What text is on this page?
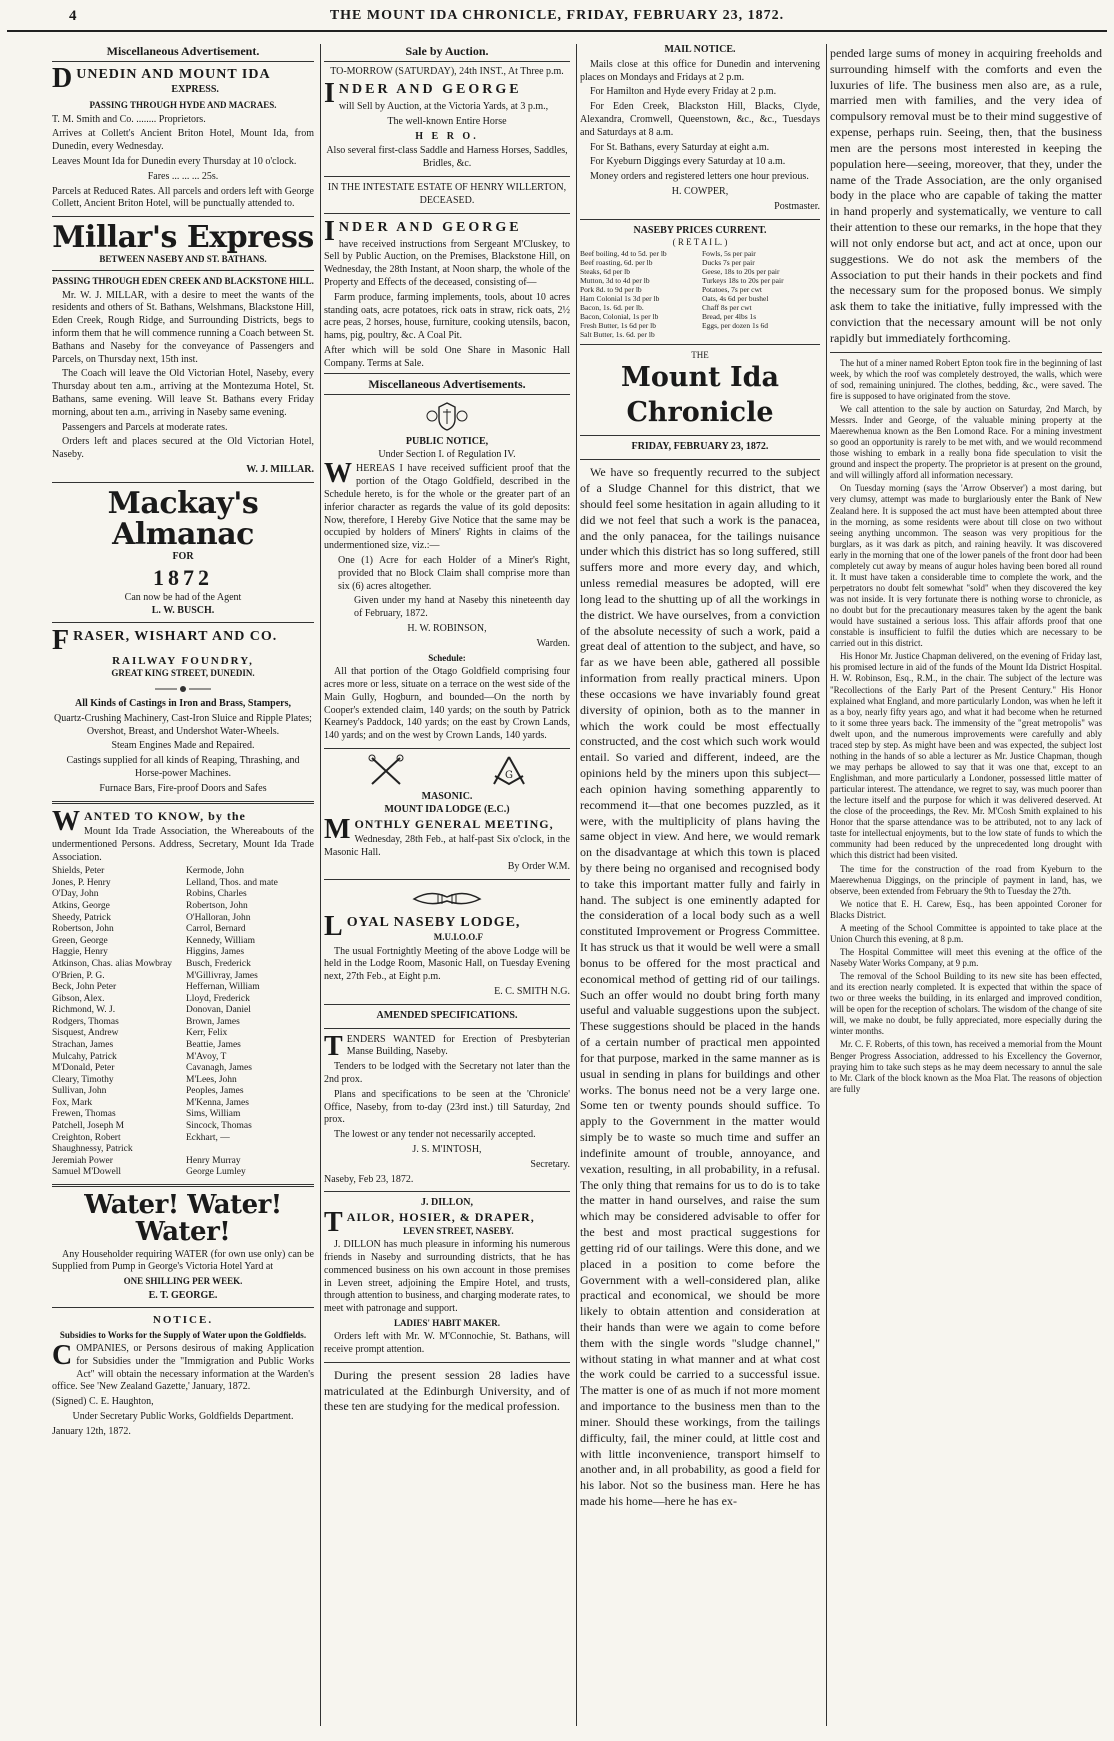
4	THE MOUNT IDA CHRONICLE, FRIDAY, FEBRUARY 23, 1872.
Miscellaneous Advertisement.
D UNEDIN AND MOUNT IDA
EXPRESS.
PASSING THROUGH HYDE AND MACRAES.

T. M. Smith and Co. ........ Proprietors.

Arrives at Collett's Ancient Briton Hotel, Mount Ida, from Dunedin, every Wednesday.

Leaves Mount Ida for Dunedin every Thursday at 10 o'clock.

Fares ... ... ... 25s.

Parcels at Reduced Rates. All parcels and orders left with George Collett, Ancient Briton Hotel, will be punctually attended to.

Millar's Express
BETWEEN NASEBY AND ST. BATHANS.
PASSING THROUGH EDEN CREEK AND BLACKSTONE HILL.

Mr. W. J. MILLAR, with a desire to meet the wants of the residents and others of St. Bathans, Welshmans, Blackstone Hill, Eden Creek, Rough Ridge, and Surrounding Districts, begs to inform them that he will commence running a Coach between St. Bathans and Naseby for the conveyance of Passengers and Parcels, on Thursday next, 15th inst.

The Coach will leave the Old Victorian Hotel, Naseby, every Thursday about ten a.m., arriving at the Montezuma Hotel, St. Bathans, same evening. Will leave St. Bathans every Friday morning, about ten a.m., arriving in Naseby same evening.

Passengers and Parcels at moderate rates.

Orders left and places secured at the Old Victorian Hotel, Naseby.

W. J. MILLAR.

Mackay's Almanac
FOR
1872
Can now be had of the Agent
L. W. BUSCH.
F RASER, WISHART AND CO.
RAILWAY FOUNDRY,
GREAT KING STREET, DUNEDIN.

All Kinds of Castings in Iron and Brass, Stampers,

Quartz-Crushing Machinery, Cast-Iron Sluice and Ripple Plates; Overshot, Breast, and Undershot Water-Wheels.

Steam Engines Made and Repaired.

Castings supplied for all kinds of Reaping, Thrashing, and Horse-power Machines.

Furnace Bars, Fire-proof Doors and Safes

W ANTED TO KNOW, by the

Mount Ida Trade Association, the Whereabouts of the undermentioned Persons. Address, Secretary, Mount Ida Trade Association.

Shields, Peter
Jones, P. Henry
O'Day, John
Atkins, George
Sheedy, Patrick
Robertson, John
Green, George
Haggie, Henry
Atkinson, Chas. alias Mowbray
O'Brien, P. G.
Beck, John Peter
Gibson, Alex.
Richmond, W. J.
Rodgers, Thomas
Sisquest, Andrew
Strachan, James
Mulcahy, Patrick
M'Donald, Peter
Cleary, Timothy
Sullivan, John
Fox, Mark
Frewen, Thomas
Patchell, Joseph M
Creighton, Robert
Shaughnessy, Patrick
Jeremiah Power
Samuel M'Dowell
Kermode, John
Lelland, Thos. and mate
Robins, Charles
Robertson, John
O'Halloran, John
Carrol, Bernard
Kennedy, William
Higgins, James
Busch, Frederick
M'Gillivray, James
Heffernan, William
Lloyd, Frederick
Donovan, Daniel
Brown, James
Kerr, Felix
Beattie, James
M'Avoy, T
Cavanagh, James
M'Lees, John
Peoples, James
M'Kenna, James
Sims, William
Sincock, Thomas
Eckhart, —

Henry Murray
George Lumley
Water! Water! Water!

Any Householder requiring WATER (for own use only) can be Supplied from Pump in George's Victoria Hotel Yard at

ONE SHILLING PER WEEK.

E. T. GEORGE.

NOTICE.

Subsidies to Works for the Supply of Water upon the Goldfields.

C OMPANIES, or Persons desirous of making Application for Subsidies under the "Immigration and Public Works Act" will obtain the necessary information at the Warden's office. See 'New Zealand Gazette,' January, 1872.

(Signed) C. E. Haughton,

Under Secretary Public Works, Goldfields Department.

January 12th, 1872.

Sale by Auction.

TO-MORROW (SATURDAY), 24th INST., At Three p.m.

I NDER AND GEORGE

will Sell by Auction, at the Victoria Yards, at 3 p.m.,

The well-known Entire Horse

H E R O.

Also several first-class Saddle and Harness Horses, Saddles, Bridles, &c.

IN THE INTESTATE ESTATE OF HENRY WILLERTON, DECEASED.

I NDER AND GEORGE

have received instructions from Sergeant M'Cluskey, to Sell by Public Auction, on the Premises, Blackstone Hill, on Wednesday, the 28th Instant, at Noon sharp, the whole of the Property and Effects of the deceased, consisting of—

Farm produce, farming implements, tools, about 10 acres standing oats, acre potatoes, rick oats in straw, rick oats, 2½ acre peas, 2 horses, house, furniture, cooking utensils, bacon, hams, pig, poultry, &c. A Coal Pit.

After which will be sold One Share in Masonic Hall Company. Terms at Sale.

Miscellaneous Advertisements.
PUBLIC NOTICE,
Under Section I. of Regulation IV.
W HEREAS I have received sufficient proof that the portion of the Otago Goldfield, described in the Schedule hereto, is for the whole or the greater part of an inferior character as regards the value of its gold deposits: Now, therefore, I Hereby Give Notice that the same may be occupied by holders of Miners' Rights in claims of the undermentioned size, viz.:—

One (1) Acre for each Holder of a Miner's Right, provided that no Block Claim shall comprise more than six (6) acres altogether.

Given under my hand at Naseby this nineteenth day of February, 1872.

H. W. ROBINSON,

Warden.

Schedule:

All that portion of the Otago Goldfield comprising four acres more or less, situate on a terrace on the west side of the Main Gully, Hogburn, and bounded—On the north by Cooper's extended claim, 140 yards; on the south by Patrick Kearney's Paddock, 140 yards; on the east by Crown Lands, 140 yards; and on the west by Crown Lands, 140 yards.

G
MASONIC.
MOUNT IDA LODGE (E.C.)
M ONTHLY GENERAL MEETING,

Wednesday, 28th Feb., at half-past Six o'clock, in the Masonic Hall.

By Order W.M.

L OYAL NASEBY LODGE,
M.U.I.O.O.F

The usual Fortnightly Meeting of the above Lodge will be held in the Lodge Room, Masonic Hall, on Tuesday Evening next, 27th Feb., at Eight p.m.

E. C. SMITH N.G.

AMENDED SPECIFICATIONS.
T ENDERS WANTED for Erection of Presbyterian Manse Building, Naseby.

Tenders to be lodged with the Secretary not later than the 2nd prox.

Plans and specifications to be seen at the 'Chronicle' Office, Naseby, from to-day (23rd inst.) till Saturday, 2nd prox.

The lowest or any tender not necessarily accepted.

J. S. M'INTOSH,

Secretary.

Naseby, Feb 23, 1872.

J. DILLON,
T AILOR, HOSIER, & DRAPER,
LEVEN STREET, NASEBY.

J. DILLON has much pleasure in informing his numerous friends in Naseby and surrounding districts, that he has commenced business on his own account in those premises in Leven street, adjoining the Empire Hotel, and trusts, through attention to business, and charging moderate rates, to meet with patronage and support.

LADIES' HABIT MAKER.

Orders left with Mr. W. M'Connochie, St. Bathans, will receive prompt attention.

During the present session 28 ladies have matriculated at the Edinburgh University, and of these ten are studying for the medical profession.

MAIL NOTICE.

Mails close at this office for Dunedin and intervening places on Mondays and Fridays at 2 p.m.

For Hamilton and Hyde every Friday at 2 p.m.

For Eden Creek, Blackston Hill, Blacks, Clyde, Alexandra, Cromwell, Queenstown, &c., &c., Tuesdays and Saturdays at 8 a.m.

For St. Bathans, every Saturday at eight a.m.

For Kyeburn Diggings every Saturday at 10 a.m.

Money orders and registered letters one hour previous.

H. COWPER,

Postmaster.

NASEBY PRICES CURRENT.
( R E T A I L. )
Beef boiling, 4d to 5d. per lb
Beef roasting, 6d. per lb
Steaks, 6d per lb
Mutton, 3d to 4d per lb
Pork 8d. to 9d per lb
Ham Colonial 1s 3d per lb
Bacon, 1s. 6d. per lb.
Bacon, Colonial, 1s per lb
Fresh Butter, 1s 6d per lb
Salt Butter, 1s. 6d. per lb
Fowls, 5s per pair
Ducks 7s per pair
Geese, 18s to 20s per pair
Turkeys 18s to 20s per pair
Potatoes, 7s per cwt
Oats, 4s 6d per bushel
Chaff 8s per cwt
Bread, per 4lbs 1s
Eggs, per dozen 1s 6d
THE
Mount Ida Chronicle
FRIDAY, FEBRUARY 23, 1872.

We have so frequently recurred to the subject of a Sludge Channel for this district, that we should feel some hesitation in again alluding to it did we not feel that such a work is the panacea, and the only panacea, for the tailings nuisance under which this district has so long suffered, still suffers more and more every day, and which, unless remedial measures be adopted, will ere long lead to the shutting up of all the workings in the district. We have ourselves, from a conviction of the absolute necessity of such a work, paid a great deal of attention to the subject, and have, so far as we have been able, gathered all possible information from really practical miners. Upon these occasions we have invariably found great diversity of opinion, both as to the manner in which the work could be most effectually constructed, and the cost which such work would entail. So varied and different, indeed, are the opinions held by the miners upon this subject—each opinion having something apparently to recommend it—that one becomes puzzled, as it were, with the multiplicity of plans having the same object in view. And here, we would remark on the disadvantage at which this town is placed by there being no organised and recognised body to take this important matter fully and fairly in hand. The subject is one eminently adapted for the consideration of a local body such as a well constituted Improvement or Progress Committee. It has struck us that it would be well were a small bonus to be offered for the most practical and economical method of getting rid of our tailings. Such an offer would no doubt bring forth many useful and valuable suggestions upon the subject. These suggestions should be placed in the hands of a certain number of practical men appointed for that purpose, marked in the same manner as is usual in sending in plans for buildings and other works. The bonus need not be a very large one. Some ten or twenty pounds should suffice. To apply to the Government in the matter would simply be to waste so much time and suffer an indefinite amount of trouble, annoyance, and vexation, resulting, in all probability, in a refusal. The only thing that remains for us to do is to take the matter in hand ourselves, and raise the sum which may be considered advisable to offer for the best and most practical suggestions for getting rid of our tailings. Were this done, and we placed in a position to come before the Government with a well-considered plan, alike practical and economical, we should be more likely to obtain attention and consideration at their hands than were we again to come before them with the single words "sludge channel," without stating in what manner and at what cost the work could be carried to a successful issue. The matter is one of as much if not more moment and importance to the business men than to the miner. Should these workings, from the tailings difficulty, fail, the miner could, at little cost and with little inconvenience, transport himself to another and, in all probability, as good a field for his labor. Not so the business man. Here he has made his home—here he has ex-

pended large sums of money in acquiring freeholds and surrounding himself with the comforts and even the luxuries of life. The business men also are, as a rule, married men with families, and the very idea of compulsory removal must be to their mind suggestive of expense, perhaps ruin. Seeing, then, that the business men are the persons most interested in keeping the population here—seeing, moreover, that they, under the name of the Trade Association, are the only organised body in the place who are capable of taking the matter in hand properly and systematically, we venture to call their attention to these our remarks, in the hope that they will not only endorse but act, and act at once, upon our suggestions. We do not ask the members of the Association to put their hands in their pockets and find the necessary sum for the proposed bonus. We simply ask them to take the initiative, fully impressed with the conviction that the necessary amount will be not only rapidly but immediately forthcoming.

The hut of a miner named Robert Epton took fire in the beginning of last week, by which the roof was completely destroyed, the walls, which were of sod, remaining uninjured. The clothes, bedding, &c., were saved. The fire is supposed to have originated from the stove.

We call attention to the sale by auction on Saturday, 2nd March, by Messrs. Inder and George, of the valuable mining property at the Maerewhenua known as the Ben Lomond Race. For a mining investment so good an opportunity is rarely to be met with, and we would recommend those wishing to embark in a really bona fide speculation to visit the ground and inspect the property. The proprietor is at present on the ground, and will willingly afford all information necessary.

On Tuesday morning (says the 'Arrow Observer') a most daring, but very clumsy, attempt was made to burglariously enter the Bank of New Zealand here. It is supposed the act must have been attempted about three in the morning, as some residents were about till close on two without seeing anything uncommon. The season was very propitious for the burglars, as it was dark as pitch, and raining heavily. It was discovered early in the morning that one of the lower panels of the front door had been completely cut away by means of augur holes having been bored all round it. It must have taken a considerable time to complete the work, and the perpetrators no doubt felt somewhat "sold" when they discovered the key was not inside. It is very fortunate there is nothing worse to chronicle, as no doubt but for the precautionary measures taken by the agent the bank would have sustained a serious loss. This affair affords proof that one constable is insufficient to fulfil the duties which are necessary to be carried out in this district.

His Honor Mr. Justice Chapman delivered, on the evening of Friday last, his promised lecture in aid of the funds of the Mount Ida District Hospital. H. W. Robinson, Esq., R.M., in the chair. The subject of the lecture was "Recollections of the Early Part of the Present Century." His Honor explained what England, and more particularly London, was when he left it as a boy, nearly fifty years ago, and what it had become when he returned to it some three years back. The immensity of the "great metropolis" was dwelt upon, and the numerous improvements were carefully and ably traced step by step. As might have been and was expected, the subject lost nothing in the hands of so able a lecturer as Mr. Justice Chapman, though we may perhaps be allowed to say that it was one that, except to an Englishman, and more particularly a Londoner, possessed little matter of particular interest. The attendance, we regret to say, was much poorer than the lecture itself and the purpose for which it was delivered deserved. At the close of the proceedings, the Rev. Mr. M'Cosh Smith explained to his Honor that the sparse attendance was to be attributed, not to any lack of taste for intellectual enjoyments, but to the low state of funds to which the community had been reduced by the unprecedented long drought with which this district had been visited.

The time for the construction of the road from Kyeburn to the Maerewhenua Diggings, on the principle of payment in land, has, we observe, been extended from February the 9th to Tuesday the 27th.

We notice that E. H. Carew, Esq., has been appointed Coroner for Blacks District.

A meeting of the School Committee is appointed to take place at the Union Church this evening, at 8 p.m.

The Hospital Committee will meet this evening at the office of the Naseby Water Works Company, at 9 p.m.

The removal of the School Building to its new site has been effected, and its erection nearly completed. It is expected that within the space of two or three weeks the building, in its enlarged and improved condition, will be open for the reception of scholars. The wisdom of the change of site will, we make no doubt, be fully appreciated, more especially during the winter months.

Mr. C. F. Roberts, of this town, has received a memorial from the Mount Benger Progress Association, addressed to his Excellency the Governor, praying him to take such steps as he may deem necessary to annul the sale to Mr. Clark of the block known as the Moa Flat. The reasons of objection are fully
